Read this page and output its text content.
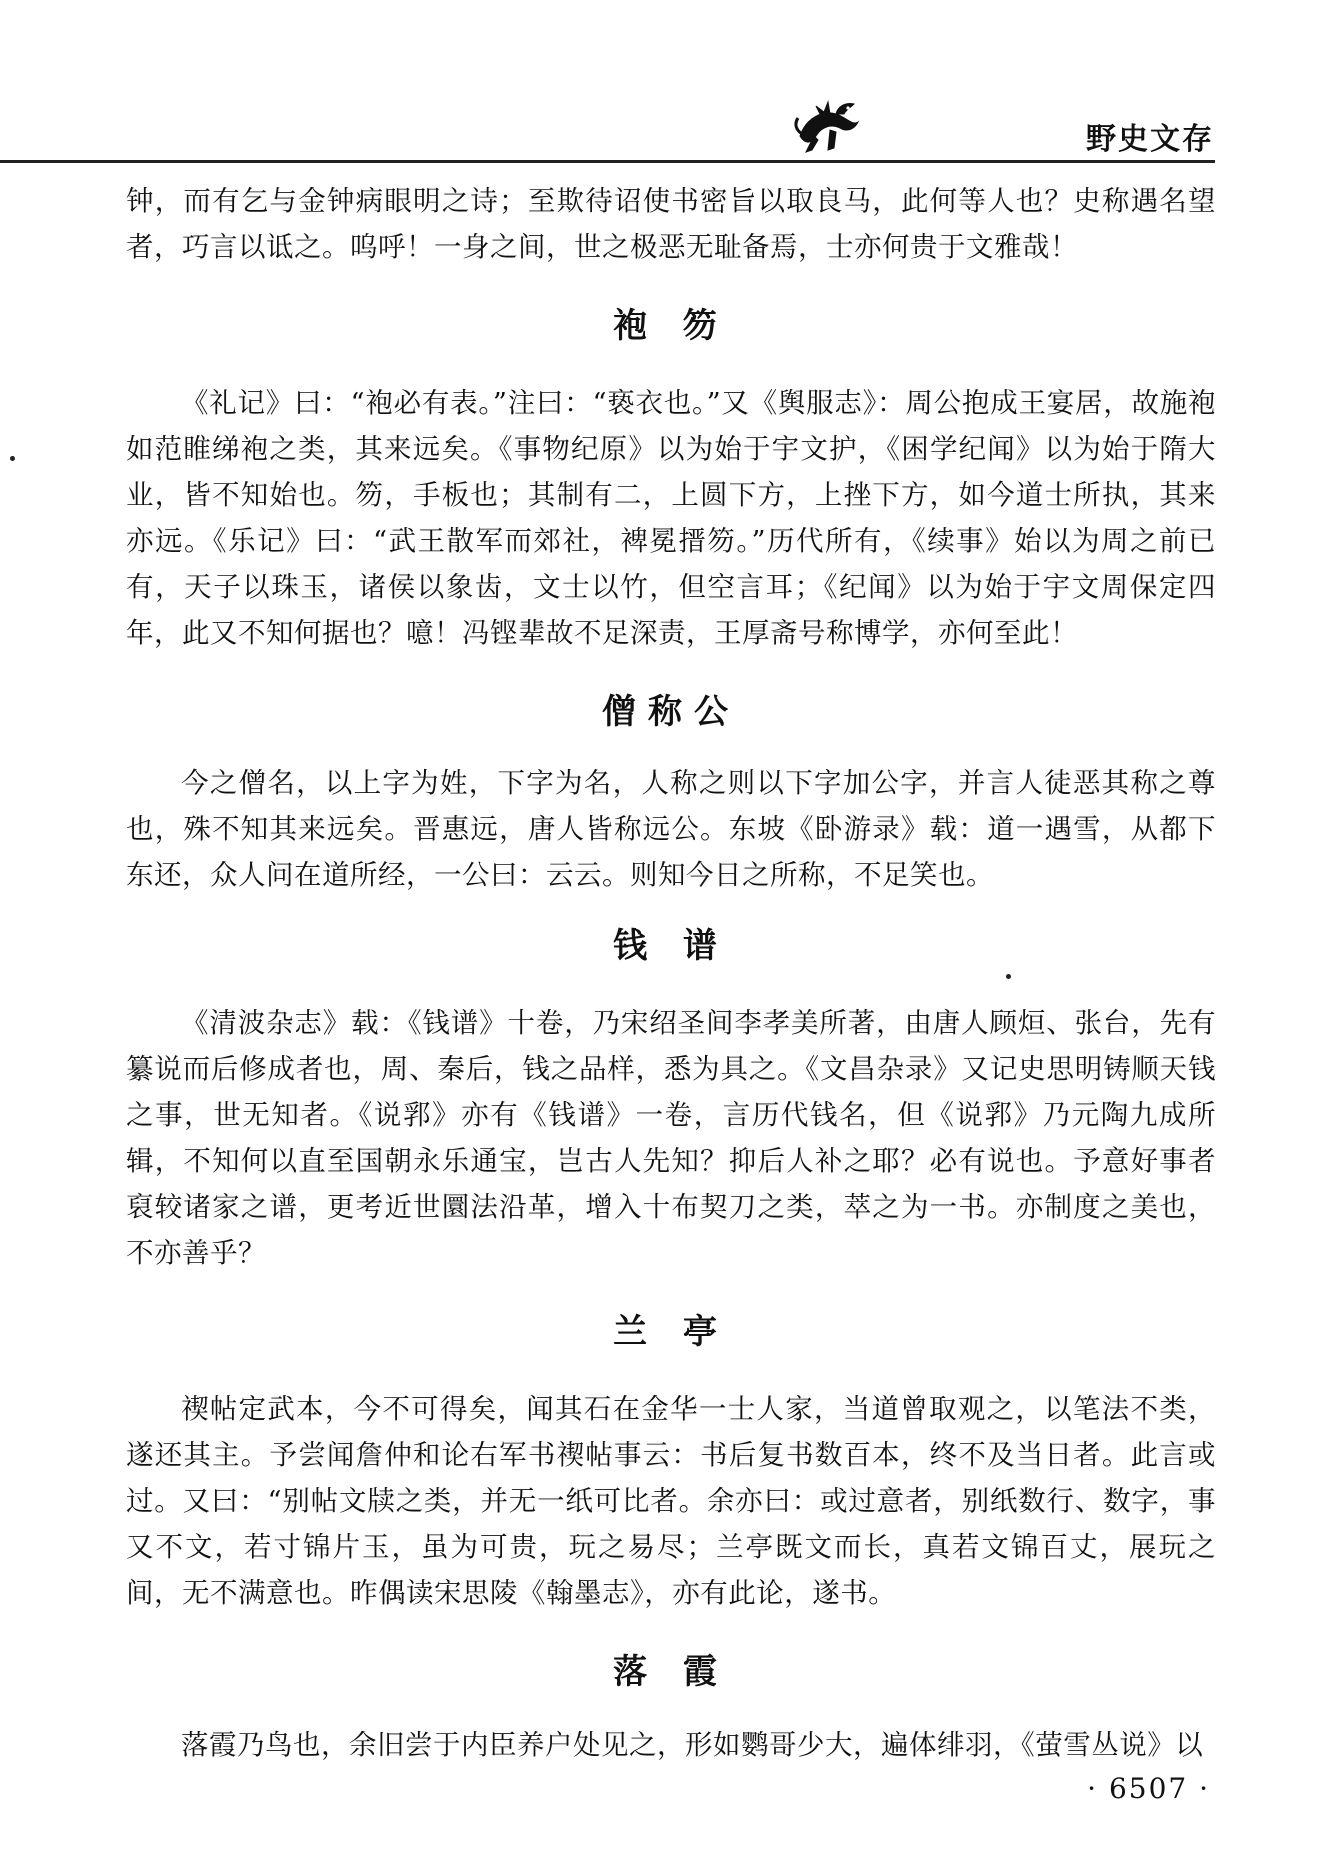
野史文存

钟，而有乞与金钟病眼明之诗；至欺待诏使书密旨以取良马，此何等人也？史称遇名望者，巧言以诋之。呜呼！一身之间，世之极恶无耻备焉，士亦何贵于文雅哉！

袍 笏

《礼记》曰：“袍必有表。”注曰：“亵衣也。”又《舆服志》：周公抱成王宴居，故施袍如范睢绨袍之类，其来远矣。《事物纪原》以为始于宇文护，《困学纪闻》以为始于隋大业，皆不知始也。笏，手板也；其制有二，上圆下方，上挫下方，如今道士所执，其来亦远。《乐记》曰：“武王散军而郊社，裨冕搢笏。”历代所有，《续事》始以为周之前已有，天子以珠玉，诸侯以象齿，文士以竹，但空言耳；《纪闻》以为始于宇文周保定四年，此又不知何据也？噫！冯铿辈故不足深责，王厚斋号称博学，亦何至此！

僧称公

今之僧名，以上字为姓，下字为名，人称之则以下字加公字，并言人徒恶其称之尊也，殊不知其来远矣。晋惠远，唐人皆称远公。东坡《卧游录》载：道一遇雪，从都下东还，众人问在道所经，一公曰：云云。则知今日之所称，不足笑也。

钱 谱

《清波杂志》载：《钱谱》十卷，乃宋绍圣间李孝美所著，由唐人顾烜、张台，先有纂说而后修成者也，周、秦后，钱之品样，悉为具之。《文昌杂录》又记史思明铸顺天钱之事，世无知者。《说郛》亦有《钱谱》一卷，言历代钱名，但《说郛》乃元陶九成所辑，不知何以直至国朝永乐通宝，岂古人先知？抑后人补之耶？必有说也。予意好事者裒较诸家之谱，更考近世圜法沿革，增入十布契刀之类，萃之为一书。亦制度之美也，不亦善乎？

兰 亭

禊帖定武本，今不可得矣，闻其石在金华一士人家，当道曾取观之，以笔法不类，遂还其主。予尝闻詹仲和论右军书禊帖事云：书后复书数百本，终不及当日者。此言或过。又曰：“别帖文牍之类，并无一纸可比者。余亦曰：或过意者，别纸数行、数字，事又不文，若寸锦片玉，虽为可贵，玩之易尽；兰亭既文而长，真若文锦百丈，展玩之间，无不满意也。昨偶读宋思陵《翰墨志》，亦有此论，遂书。

落 霞

落霞乃鸟也，余旧尝于内臣养户处见之，形如鹦哥少大，遍体绯羽，《萤雪丛说》以

· 6507 ·
